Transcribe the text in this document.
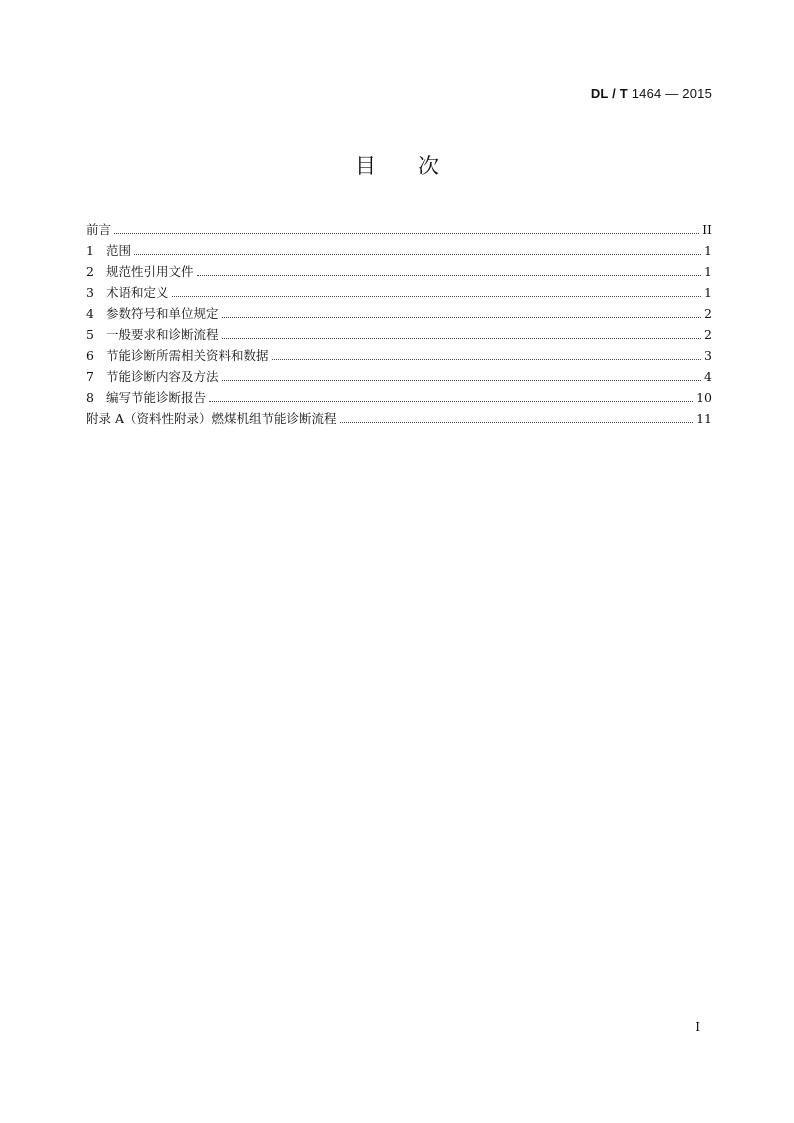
DL / T 1464 — 2015
目次
前言	II
1 范围	1
2 规范性引用文件	1
3 术语和定义	1
4 参数符号和单位规定	2
5 一般要求和诊断流程	2
6 节能诊断所需相关资料和数据	3
7 节能诊断内容及方法	4
8 编写节能诊断报告	10
附录 A（资料性附录）燃煤机组节能诊断流程	11
I
